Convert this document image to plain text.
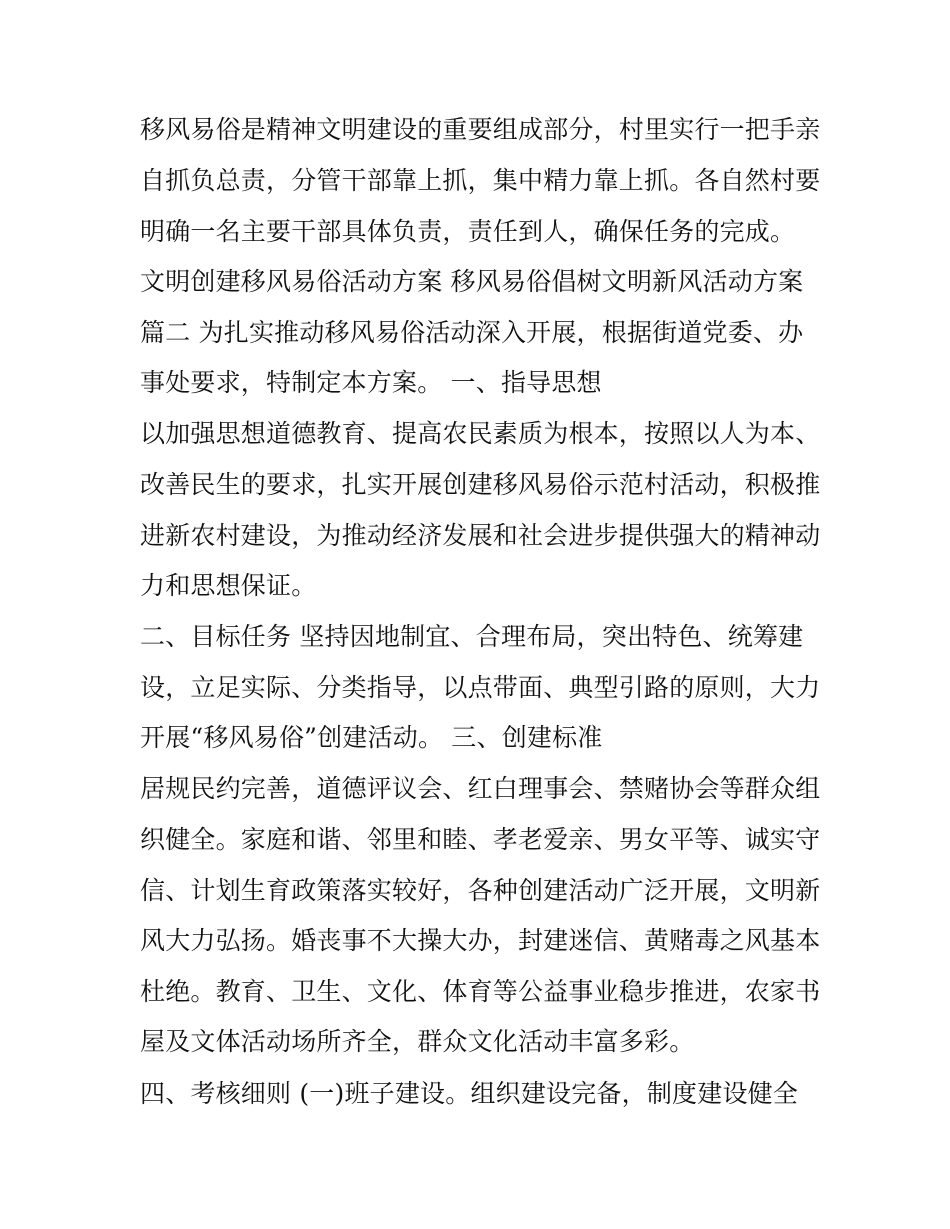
移风易俗是精神文明建设的重要组成部分，村里实行一把手亲
自抓负总责，分管干部靠上抓，集中精力靠上抓。各自然村要
明确一名主要干部具体负责，责任到人，确保任务的完成。
文明创建移风易俗活动方案 移风易俗倡树文明新风活动方案
篇二 为扎实推动移风易俗活动深入开展，根据街道党委、办
事处要求，特制定本方案。 一、指导思想
以加强思想道德教育、提高农民素质为根本，按照以人为本、
改善民生的要求，扎实开展创建移风易俗示范村活动，积极推
进新农村建设，为推动经济发展和社会进步提供强大的精神动
力和思想保证。
二、目标任务 坚持因地制宜、合理布局，突出特色、统筹建
设，立足实际、分类指导，以点带面、典型引路的原则，大力
开展“移风易俗”创建活动。 三、创建标准
居规民约完善，道德评议会、红白理事会、禁赌协会等群众组
织健全。家庭和谐、邻里和睦、孝老爱亲、男女平等、诚实守
信、计划生育政策落实较好，各种创建活动广泛开展，文明新
风大力弘扬。婚丧事不大操大办，封建迷信、黄赌毒之风基本
杜绝。教育、卫生、文化、体育等公益事业稳步推进，农家书
屋及文体活动场所齐全，群众文化活动丰富多彩。
四、考核细则 (一)班子建设。组织建设完备，制度建设健全
